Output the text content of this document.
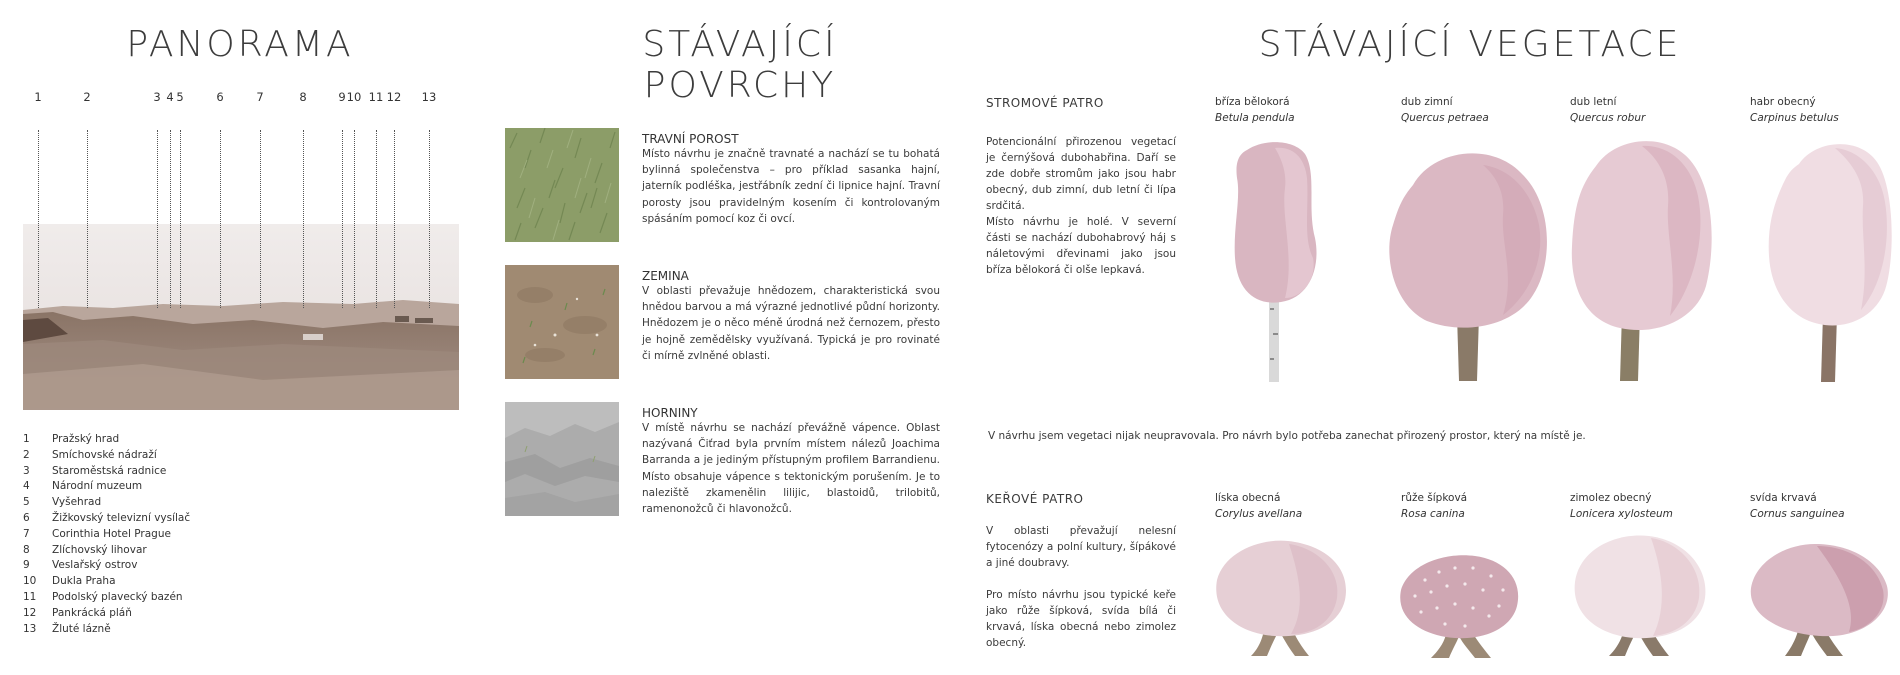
PANORAMA
1	2	3 4 5	6	7	8	9 10 11 12 13
1	Pražský hrad
2	Smíchovské nádraží
3	Staroměstská radnice
4	Národní muzeum
5	Vyšehrad
6	Žižkovský televizní vysílač
7	Corinthia Hotel Prague
8	Zlíchovský lihovar
9	Veslařský ostrov
10	Dukla Praha
11	Podolský plavecký bazén
12	Pankrácká pláň
13	Žluté lázně
STÁVAJÍCÍ POVRCHY
TRAVNÍ POROST
Místo návrhu je značně travnaté a nachází se tu bohatá bylinná společenstva – pro příklad sasanka hajní, jaterník podléška, jestřábník zední či lipnice hajní. Travní porosty jsou pravidelným kosením či kontrolovaným spásáním pomocí koz či ovcí.
ZEMINA
V oblasti převažuje hnědozem, charakteristická svou hnědou barvou a má výrazné jednotlivé půdní horizonty. Hnědozem je o něco méně úrodná než černozem, přesto je hojně zemědělsky využívaná. Typická je pro rovinaté či mírně zvlněné oblasti.
HORNINY
V místě návrhu se nachází převážně vápence. Oblast nazývaná Čiťrad byla prvním místem nálezů Joachima Barranda a je jediným přístupným profilem Barrandienu. Místo obsahuje vápence s tektonickým porušením. Je to naleziště zkamenělin lilijic, blastoidů, trilobitů, ramenonožců či hlavonožců.
STÁVAJÍCÍ VEGETACE
STROMOVÉ PATRO
Potencionální přirozenou vegetací je černýšová dubohabřina. Daří se zde dobře stromům jako jsou habr obecný, dub zimní, dub letní či lípa srdčitá.
Místo návrhu je holé. V severní části se nachází dubohabrový háj s náletovými dřevinami jako jsou bříza bělokorá či olše lepkavá.
bříza bělokorá
Betula pendula
dub zimní
Quercus petraea
dub letní
Quercus robur
habr obecný
Carpinus betulus
V návrhu jsem vegetaci nijak neupravovala. Pro návrh bylo potřeba zanechat přirozený prostor, který na místě je.
KEŘOVÉ PATRO
V oblasti převažují nelesní fytocenózy a polní kultury, šípákové a jiné doubravy.
Pro místo návrhu jsou typické keře jako růže šípková, svída bílá či krvavá, líska obecná nebo zimolez obecný.
líska obecná
Corylus avellana
růže šípková
Rosa canina
zimolez obecný
Lonicera xylosteum
svída krvavá
Cornus sanguinea
